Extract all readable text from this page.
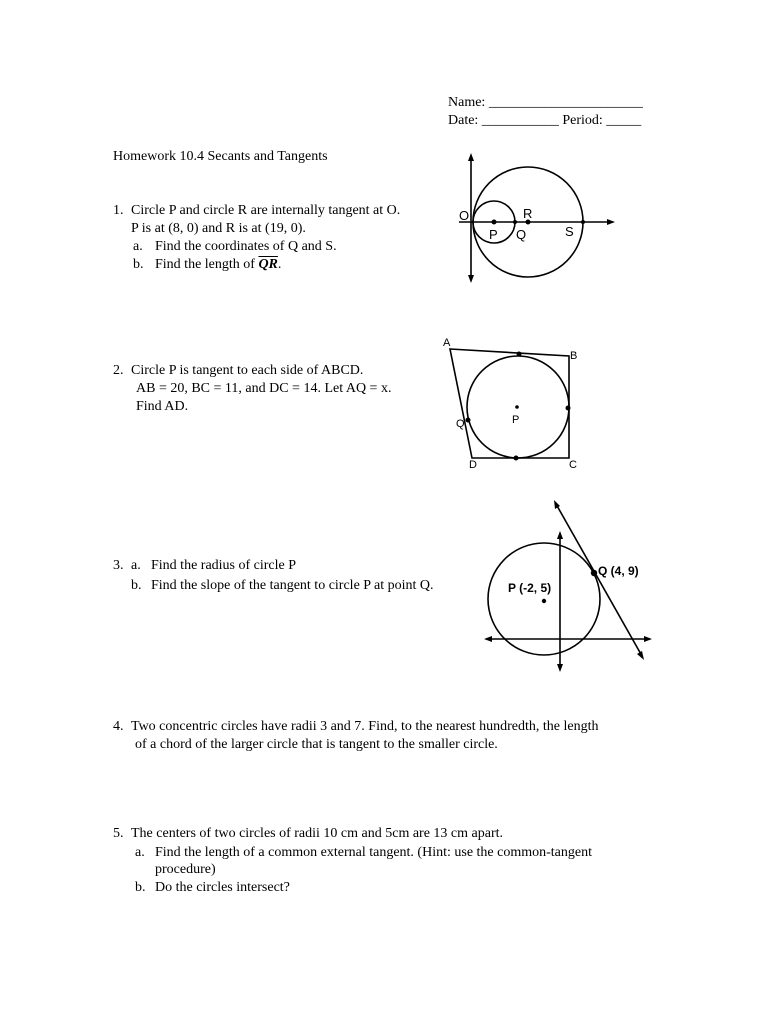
Name: ______________________
Date: ___________ Period: _____
Homework 10.4 Secants and Tangents
1. Circle P and circle R are internally tangent at O.
P is at (8, 0) and R is at (19, 0).
a. Find the coordinates of Q and S.
b. Find the length of $\overline{QR}$.
O	R
P Q	S
2. Circle P is tangent to each side of ABCD.
AB = 20, BC = 11, and DC = 14. Let AQ = x.
Find AD.
A
B
Q	P
D	C
3. a. Find the radius of circle P
b. Find the slope of the tangent to circle P at point Q.
Q (4, 9)
P (-2, 5)
4. Two concentric circles have radii 3 and 7. Find, to the nearest hundredth, the length
of a chord of the larger circle that is tangent to the smaller circle.
5. The centers of two circles of radii 10 cm and 5cm are 13 cm apart.
a. Find the length of a common external tangent. (Hint: use the common-tangent
procedure)
b. Do the circles intersect?
